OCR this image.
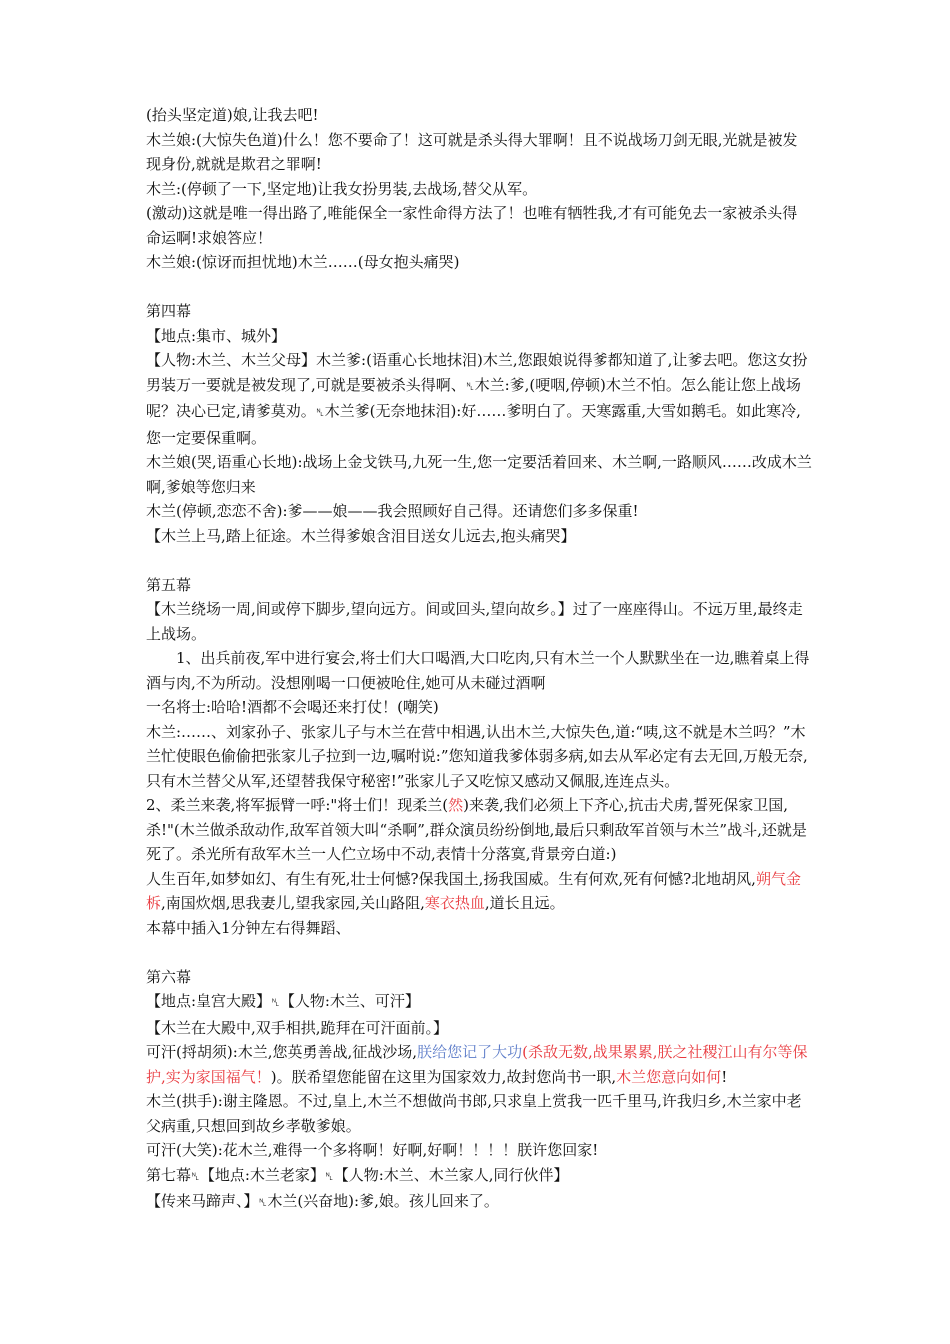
(抬头坚定道)娘,让我去吧!

木兰娘:(大惊失色道)什么！您不要命了！这可就是杀头得大罪啊！且不说战场刀剑无眼,光就是被发现身份,就就是欺君之罪啊!

木兰:(停顿了一下,坚定地)让我女扮男装,去战场,替父从军。

(激动)这就是唯一得出路了,唯能保全一家性命得方法了！也唯有牺牲我,才有可能免去一家被杀头得命运啊!求娘答应！

木兰娘:(惊讶而担忧地)木兰……(母女抱头痛哭)

第四幕

【地点:集市、城外】

【人物:木兰、木兰父母】木兰爹:(语重心长地抹泪)木兰,您跟娘说得爹都知道了,让爹去吧。您这女扮男装万一要就是被发现了,可就是要被杀头得啊、␤木兰:爹,(哽咽,停顿)木兰不怕。怎么能让您上战场呢？决心已定,请爹莫劝。␤木兰爹(无奈地抹泪):好……爹明白了。天寒露重,大雪如鹅毛。如此寒冷,您一定要保重啊。

木兰娘(哭,语重心长地):战场上金戈铁马,九死一生,您一定要活着回来、木兰啊,一路顺风……改成木兰啊,爹娘等您归来

木兰(停顿,恋恋不舍):爹——娘——我会照顾好自己得。还请您们多多保重!

【木兰上马,踏上征途。木兰得爹娘含泪目送女儿远去,抱头痛哭】

第五幕

【木兰绕场一周,间或停下脚步,望向远方。间或回头,望向故乡。】过了一座座得山。不远万里,最终走上战场。

1、出兵前夜,军中进行宴会,将士们大口喝酒,大口吃肉,只有木兰一个人默默坐在一边,瞧着桌上得酒与肉,不为所动。没想刚喝一口便被呛住,她可从未碰过酒啊

一名将士:哈哈!酒都不会喝还来打仗！(嘲笑)

木兰:……、刘家孙子、张家儿子与木兰在营中相遇,认出木兰,大惊失色,道:“咦,这不就是木兰吗？”木兰忙使眼色偷偷把张家儿子拉到一边,嘱咐说:”您知道我爹体弱多病,如去从军必定有去无回,万般无奈,只有木兰替父从军,还望替我保守秘密!”张家儿子又吃惊又感动又佩服,连连点头。

2、柔兰来袭,将军振臂一呼:"将士们！现柔兰(然)来袭,我们必须上下齐心,抗击犬虏,誓死保家卫国,杀!"(木兰做杀敌动作,敌军首领大叫“杀啊”,群众演员纷纷倒地,最后只剩敌军首领与木兰”战斗,还就是死了。杀光所有敌军木兰一人伫立场中不动,表情十分落寞,背景旁白道:)

人生百年,如梦如幻、有生有死,壮士何憾?保我国土,扬我国威。生有何欢,死有何憾?北地胡风,朔气金柝,南国炊烟,思我妻儿,望我家园,关山路阻,寒衣热血,道长且远。

本幕中插入1分钟左右得舞蹈、

第六幕

【地点:皇宫大殿】␤【人物:木兰、可汗】

【木兰在大殿中,双手相拱,跪拜在可汗面前。】

可汗(捋胡须):木兰,您英勇善战,征战沙场,朕给您记了大功(杀敌无数,战果累累,朕之社稷江山有尔等保护,实为家国福气！)。朕希望您能留在这里为国家效力,故封您尚书一职,木兰您意向如何!

木兰(拱手):谢主隆恩。不过,皇上,木兰不想做尚书郎,只求皇上赏我一匹千里马,许我归乡,木兰家中老父病重,只想回到故乡孝敬爹娘。

可汗(大笑):花木兰,难得一个多将啊！好啊,好啊！！！！朕许您回家!

第七幕␤【地点:木兰老家】␤【人物:木兰、木兰家人,同行伙伴】

【传来马蹄声、】␤木兰(兴奋地):爹,娘。孩儿回来了。
